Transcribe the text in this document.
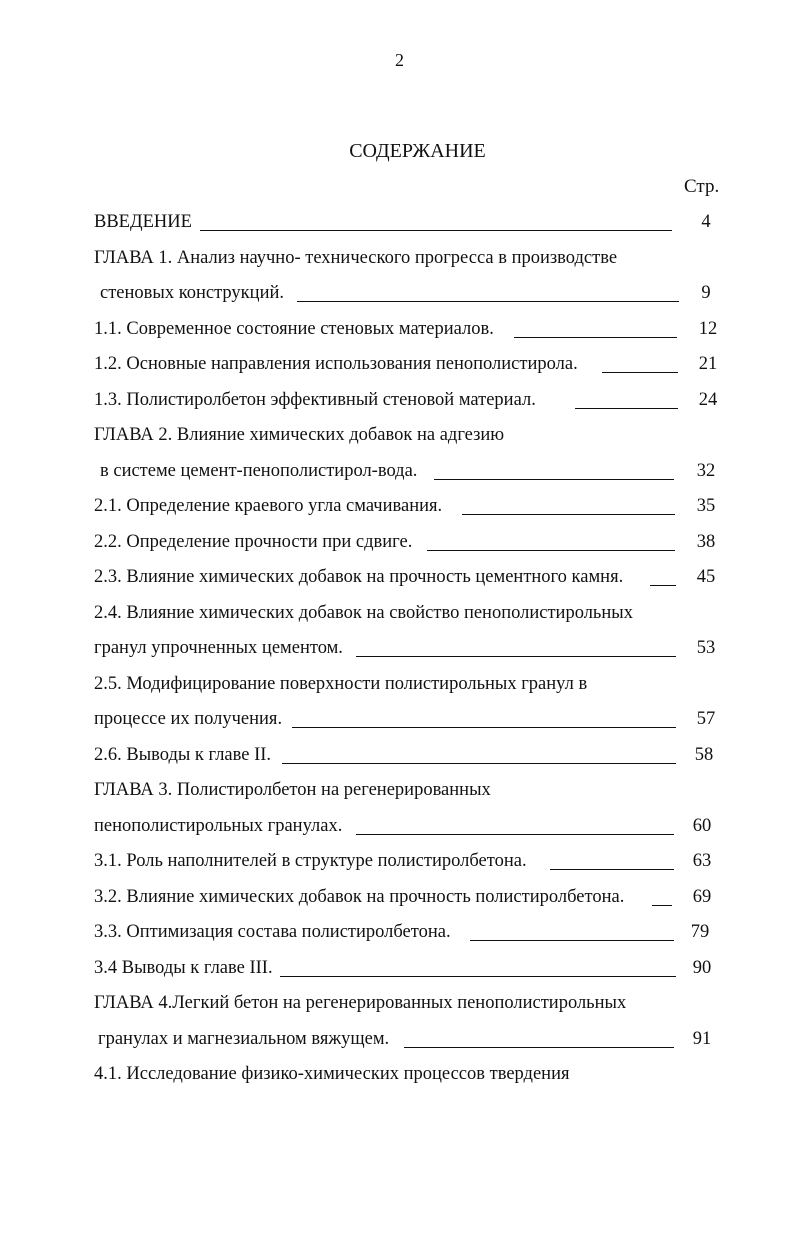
2
СОДЕРЖАНИЕ
Стр.
ВВЕДЕНИЕ	4
ГЛАВА 1. Анализ научно- технического прогресса в производстве
стеновых конструкций.	9
1.1. Современное состояние стеновых материалов.	12
1.2. Основные направления использования пенополистирола.	21
1.3. Полистиролбетон эффективный стеновой материал.	24
ГЛАВА 2. Влияние химических добавок на адгезию
в системе цемент-пенополистирол-вода.	32
2.1. Определение краевого угла смачивания.	35
2.2. Определение прочности при сдвиге.	38
2.3. Влияние химических добавок на прочность цементного камня.	45
2.4. Влияние химических добавок на свойство пенополистирольных
гранул упрочненных цементом.	53
2.5. Модифицирование поверхности полистирольных гранул в
процессе их получения.	57
2.6. Выводы к главе II.	58
ГЛАВА 3. Полистиролбетон на регенерированных
пенополистирольных гранулах.	60
3.1. Роль наполнителей в структуре полистиролбетона.	63
3.2. Влияние химических добавок на прочность полистиролбетона.	69
3.3. Оптимизация состава полистиролбетона.	79
3.4 Выводы к главе III.	90
ГЛАВА 4.Легкий бетон на регенерированных пенополистирольных
гранулах и магнезиальном вяжущем.	91
4.1. Исследование физико-химических процессов твердения
